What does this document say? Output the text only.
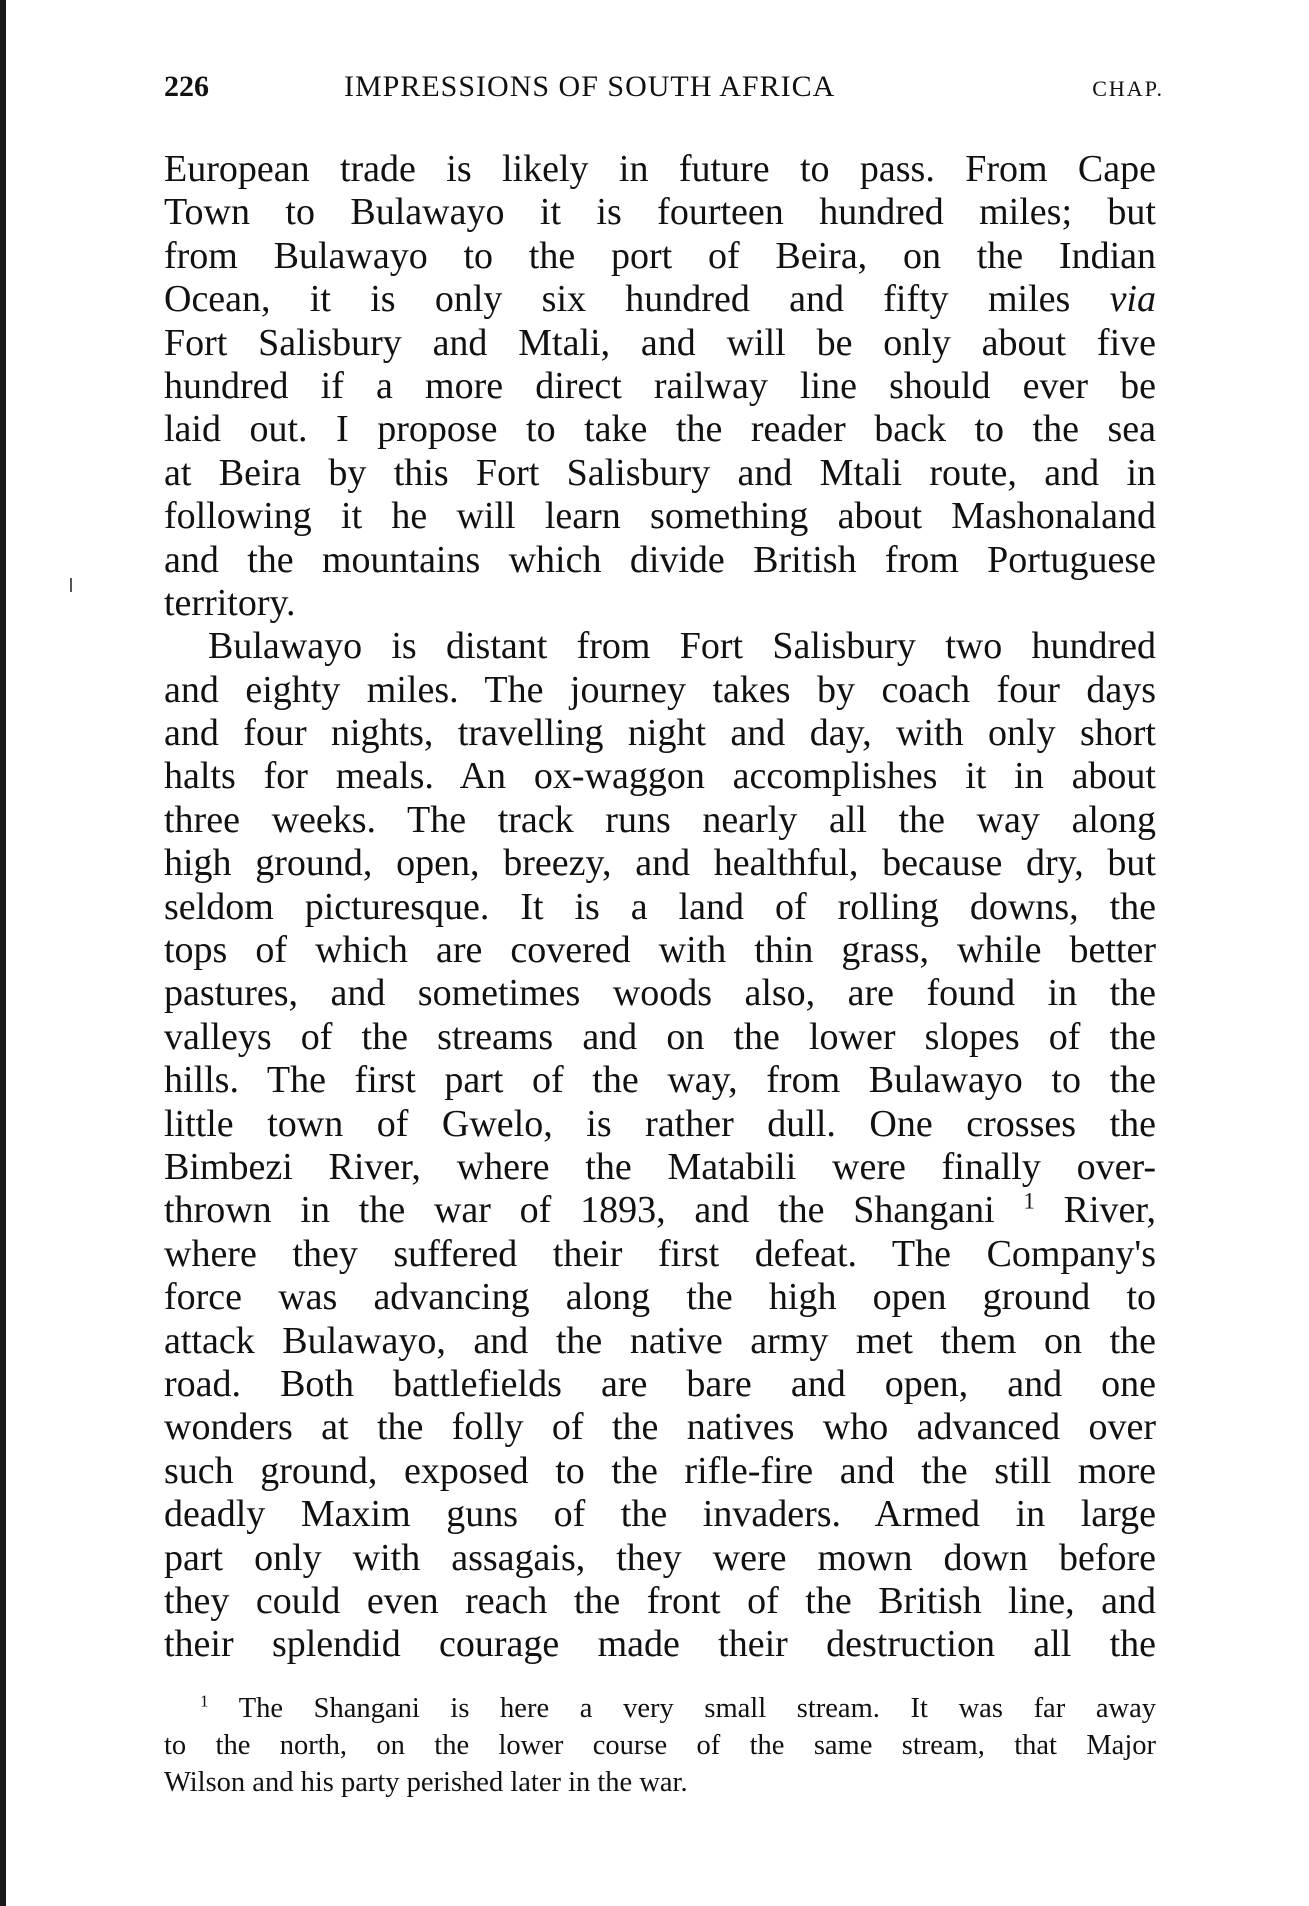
226	IMPRESSIONS OF SOUTH AFRICA	CHAP.
European trade is likely in future to pass. From Cape
Town to Bulawayo it is fourteen hundred miles; but
from Bulawayo to the port of Beira, on the Indian
Ocean, it is only six hundred and fifty miles via
Fort Salisbury and Mtali, and will be only about five
hundred if a more direct railway line should ever be
laid out. I propose to take the reader back to the sea
at Beira by this Fort Salisbury and Mtali route, and in
following it he will learn something about Mashonaland
and the mountains which divide British from Portuguese
territory.
Bulawayo is distant from Fort Salisbury two hundred
and eighty miles. The journey takes by coach four days
and four nights, travelling night and day, with only short
halts for meals. An ox-waggon accomplishes it in about
three weeks. The track runs nearly all the way along
high ground, open, breezy, and healthful, because dry, but
seldom picturesque. It is a land of rolling downs, the
tops of which are covered with thin grass, while better
pastures, and sometimes woods also, are found in the
valleys of the streams and on the lower slopes of the
hills. The first part of the way, from Bulawayo to the
little town of Gwelo, is rather dull. One crosses the
Bimbezi River, where the Matabili were finally over-
thrown in the war of 1893, and the Shangani $^1$ River,
where they suffered their first defeat. The Company's
force was advancing along the high open ground to
attack Bulawayo, and the native army met them on the
road. Both battlefields are bare and open, and one
wonders at the folly of the natives who advanced over
such ground, exposed to the rifle-fire and the still more
deadly Maxim guns of the invaders. Armed in large
part only with assagais, they were mown down before
they could even reach the front of the British line, and
their splendid courage made their destruction all the
$^1$ The Shangani is here a very small stream. It was far away
to the north, on the lower course of the same stream, that Major
Wilson and his party perished later in the war.
